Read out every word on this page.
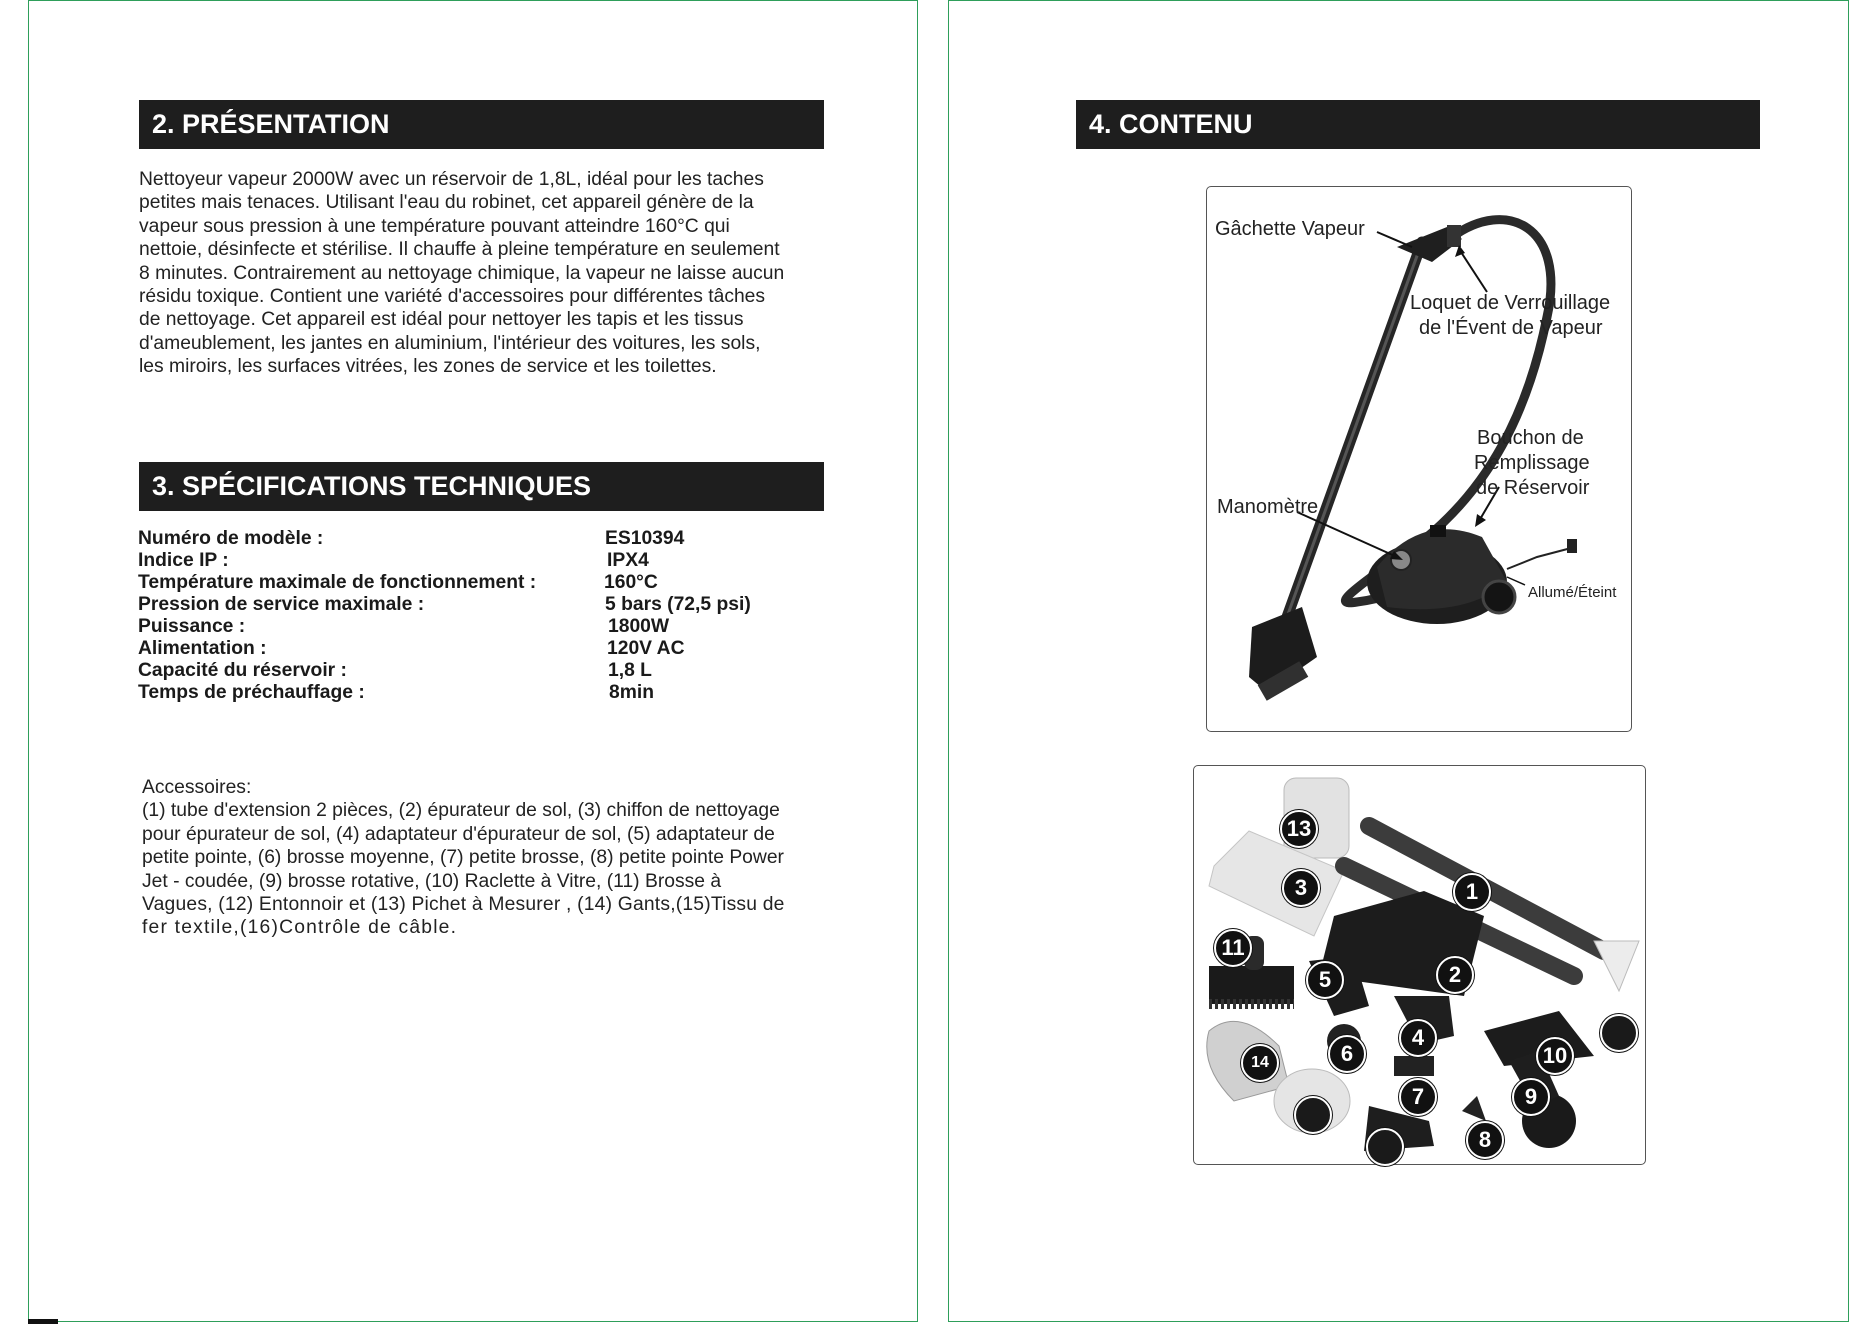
2. PRÉSENTATION
Nettoyeur vapeur 2000W avec un réservoir de 1,8L, idéal pour les taches
petites mais tenaces. Utilisant l'eau du robinet, cet appareil génère de la
vapeur sous pression à une température pouvant atteindre 160°C qui
nettoie, désinfecte et stérilise. Il chauffe à pleine température en seulement
8 minutes. Contrairement au nettoyage chimique, la vapeur ne laisse aucun
résidu toxique. Contient une variété d'accessoires pour différentes tâches
de nettoyage. Cet appareil est idéal pour nettoyer les tapis et les tissus
d'ameublement, les jantes en aluminium, l'intérieur des voitures, les sols,
les miroirs, les surfaces vitrées, les zones de service et les toilettes.
3. SPÉCIFICATIONS TECHNIQUES
Numéro de modèle :	ES10394
Indice IP :	IPX4
Température maximale de fonctionnement :	160°C
Pression de service maximale :	5 bars (72,5 psi)
Puissance :	1800W
Alimentation :	120V AC
Capacité du réservoir :	1,8 L
Temps de préchauffage :	8min
Accessoires:
(1) tube d'extension 2 pièces, (2) épurateur de sol, (3) chiffon de nettoyage
pour épurateur de sol, (4) adaptateur d'épurateur de sol, (5) adaptateur de
petite pointe, (6) brosse moyenne, (7) petite brosse, (8) petite pointe Power
Jet - coudée, (9) brosse rotative, (10) Raclette à Vitre, (11) Brosse à
Vagues, (12) Entonnoir et (13) Pichet à Mesurer , (14) Gants,(15)Tissu de
fer textile,(16)Contrôle de câble.
4. CONTENU
Gâchette Vapeur
Loquet de Verrouillage
de l'Évent de Vapeur
Bouchon de
Remplissage
de Réservoir
Manomètre
Allumé/Éteint
13
3	1
11
2
5
4
6
14	10
7	9
8
